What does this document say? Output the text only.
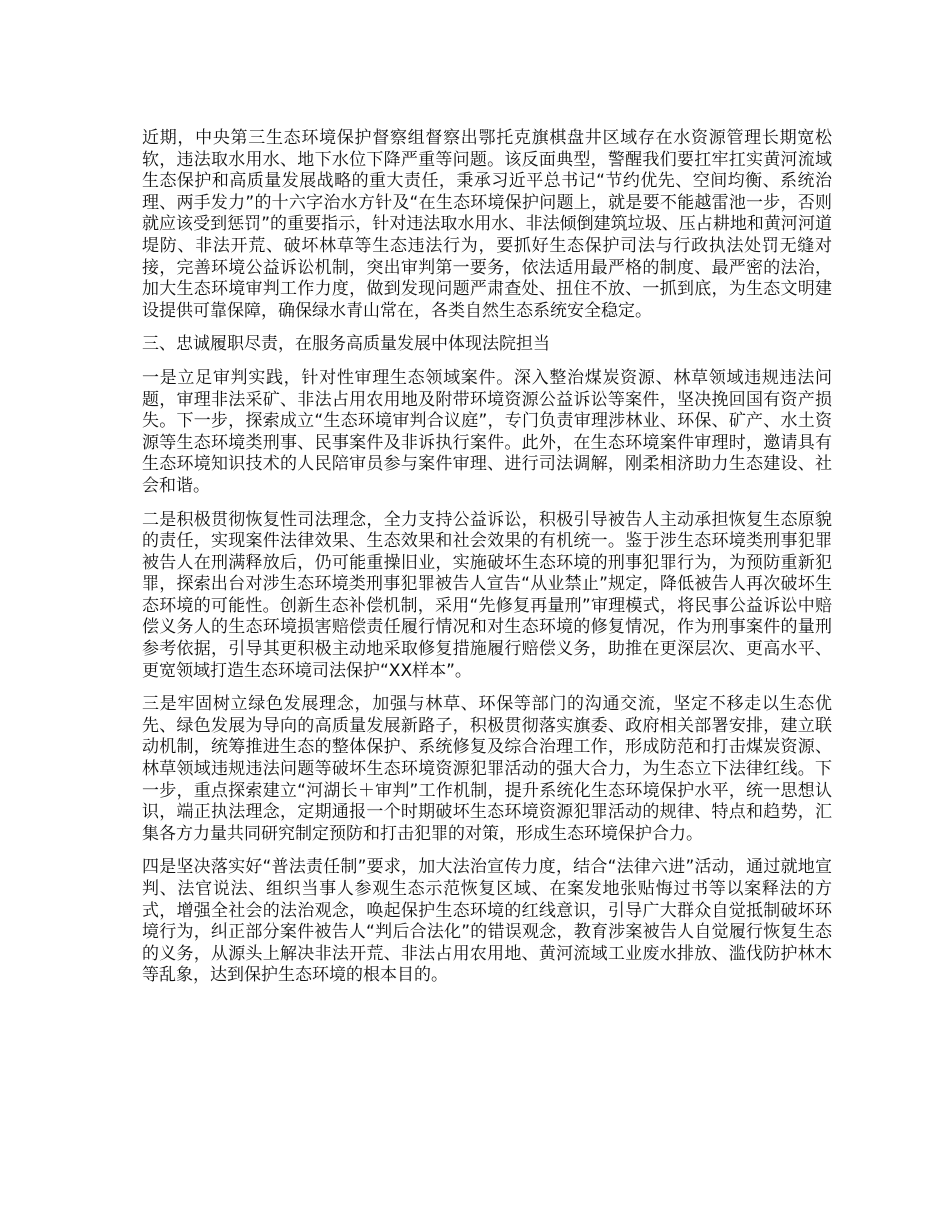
近期，中央第三生态环境保护督察组督察出鄂托克旗棋盘井区域存在水资源管理长期宽松软，违法取水用水、地下水位下降严重等问题。该反面典型，警醒我们要扛牢扛实黄河流域生态保护和高质量发展战略的重大责任，秉承习近平总书记“节约优先、空间均衡、系统治理、两手发力”的十六字治水方针及“在生态环境保护问题上，就是要不能越雷池一步，否则就应该受到惩罚”的重要指示，针对违法取水用水、非法倾倒建筑垃圾、压占耕地和黄河河道堤防、非法开荒、破坏林草等生态违法行为，要抓好生态保护司法与行政执法处罚无缝对接，完善环境公益诉讼机制，突出审判第一要务，依法适用最严格的制度、最严密的法治，加大生态环境审判工作力度，做到发现问题严肃查处、扭住不放、一抓到底，为生态文明建设提供可靠保障，确保绿水青山常在，各类自然生态系统安全稳定。

三、忠诚履职尽责，在服务高质量发展中体现法院担当

一是立足审判实践，针对性审理生态领域案件。深入整治煤炭资源、林草领域违规违法问题，审理非法采矿、非法占用农用地及附带环境资源公益诉讼等案件，坚决挽回国有资产损失。下一步，探索成立“生态环境审判合议庭”，专门负责审理涉林业、环保、矿产、水土资源等生态环境类刑事、民事案件及非诉执行案件。此外，在生态环境案件审理时，邀请具有生态环境知识技术的人民陪审员参与案件审理、进行司法调解，刚柔相济助力生态建设、社会和谐。

二是积极贯彻恢复性司法理念，全力支持公益诉讼，积极引导被告人主动承担恢复生态原貌的责任，实现案件法律效果、生态效果和社会效果的有机统一。鉴于涉生态环境类刑事犯罪被告人在刑满释放后，仍可能重操旧业，实施破坏生态环境的刑事犯罪行为，为预防重新犯罪，探索出台对涉生态环境类刑事犯罪被告人宣告“从业禁止”规定，降低被告人再次破坏生态环境的可能性。创新生态补偿机制，采用“先修复再量刑”审理模式，将民事公益诉讼中赔偿义务人的生态环境损害赔偿责任履行情况和对生态环境的修复情况，作为刑事案件的量刑参考依据，引导其更积极主动地采取修复措施履行赔偿义务，助推在更深层次、更高水平、更宽领域打造生态环境司法保护“XX样本”。

三是牢固树立绿色发展理念，加强与林草、环保等部门的沟通交流，坚定不移走以生态优先、绿色发展为导向的高质量发展新路子，积极贯彻落实旗委、政府相关部署安排，建立联动机制，统筹推进生态的整体保护、系统修复及综合治理工作，形成防范和打击煤炭资源、林草领域违规违法问题等破坏生态环境资源犯罪活动的强大合力，为生态立下法律红线。下一步，重点探索建立“河湖长＋审判”工作机制，提升系统化生态环境保护水平，统一思想认识，端正执法理念，定期通报一个时期破坏生态环境资源犯罪活动的规律、特点和趋势，汇集各方力量共同研究制定预防和打击犯罪的对策，形成生态环境保护合力。

四是坚决落实好“普法责任制”要求，加大法治宣传力度，结合“法律六进”活动，通过就地宣判、法官说法、组织当事人参观生态示范恢复区域、在案发地张贴悔过书等以案释法的方式，增强全社会的法治观念，唤起保护生态环境的红线意识，引导广大群众自觉抵制破坏环境行为，纠正部分案件被告人“判后合法化”的错误观念，教育涉案被告人自觉履行恢复生态的义务，从源头上解决非法开荒、非法占用农用地、黄河流域工业废水排放、滥伐防护林木等乱象，达到保护生态环境的根本目的。
